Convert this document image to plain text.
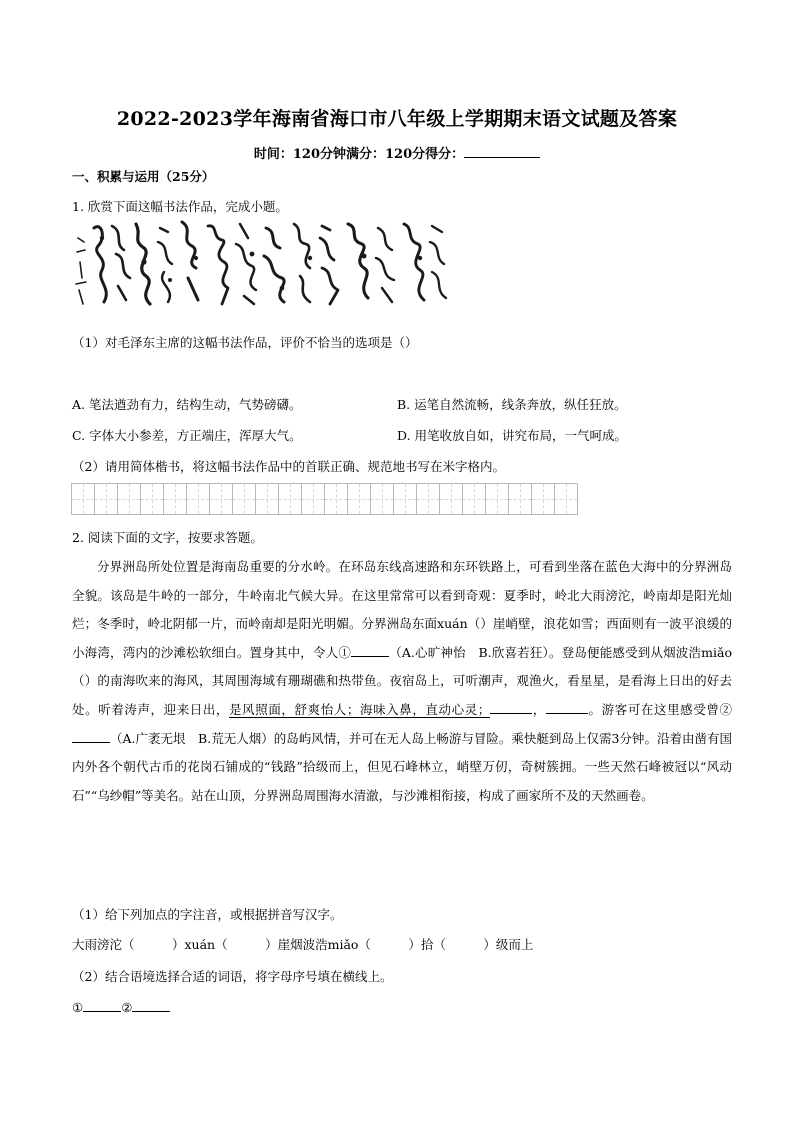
2022-2023学年海南省海口市八年级上学期期末语文试题及答案
时间：120分钟满分：120分得分：
一、积累与运用（25分）
1. 欣赏下面这幅书法作品，完成小题。
（1）对毛泽东主席的这幅书法作品，评价不恰当的选项是（）
A. 笔法遒劲有力，结构生动，气势磅礴。	B. 运笔自然流畅，线条奔放，纵任狂放。
C. 字体大小参差，方正端庄，浑厚大气。	D. 用笔收放自如，讲究布局，一气呵成。
（2）请用简体楷书，将这幅书法作品中的首联正确、规范地书写在米字格内。
2. 阅读下面的文字，按要求答题。
分界洲岛所处位置是海南岛重要的分水岭。在环岛东线高速路和东环铁路上，可看到坐落在蓝色大海中的分界洲岛全貌。该岛是牛岭的一部分，牛岭南北气候大异。在这里常常可以看到奇观：夏季时，岭北大雨滂沱，岭南却是阳光灿烂；冬季时，岭北阴郁一片，而岭南却是阳光明媚。分界洲岛东面xuán（）崖峭壁，浪花如雪；西面则有一波平浪缓的小海湾，湾内的沙滩松软细白。置身其中，令人①	（A.心旷神怡　B.欣喜若狂）。登岛便能感受到从烟波浩miǎo（）的南海吹来的海风，其周围海域有珊瑚礁和热带鱼。夜宿岛上，可听潮声，观渔火，看星星，是看海上日出的好去处。听着涛声，迎来日出，是风照面，舒爽怡人；海味入鼻，直动心灵；	，	。游客可在这里感受曾②（A.广袤无垠　B.荒无人烟）的岛屿风情，并可在无人岛上畅游与冒险。乘快艇到岛上仅需3分钟。沿着由凿有国内外各个朝代古币的花岗石铺成的“钱路”拾级而上，但见石峰林立，峭壁万仞，奇树簇拥。一些天然石峰被冠以“风动石”“乌纱帽”等美名。站在山顶，分界洲岛周围海水清澈，与沙滩相衔接，构成了画家所不及的天然画卷。
（1）给下列加点的字注音，或根据拼音写汉字。
大雨滂沱（　　　）xuán（　　　）崖烟波浩miǎo（　　　）拾（　　　）级而上
（2）结合语境选择合适的词语，将字母序号填在横线上。
①	②
